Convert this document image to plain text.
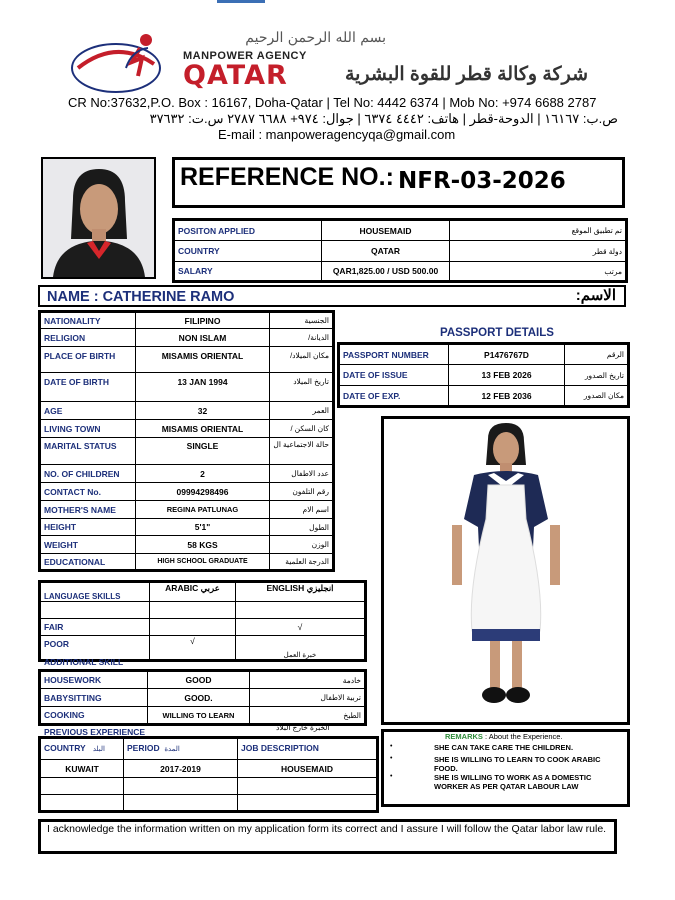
بسم الله الرحمن الرحيم
MANPOWER AGENCY
QATAR	شركة وكالة قطر للقوة البشرية
CR No:37632,P.O. Box : 16167, Doha-Qatar | Tel No: 4442 6374 | Mob No: +974 6688 2787
ص.ب: ١٦١٦٧ | الدوحة-قطر | هاتف: ٤٤٤٢ ٦٣٧٤ | جوال: ٩٧٤+ ٦٦٨٨ ٢٧٨٧ س.ت: ٣٧٦٣٢
E-mail : manpoweragencyqa@gmail.com
REFERENCE NO.: NFR-03-2026
POSITON APPLIED	HOUSEMAID	تم تطبيق الموقع
COUNTRY	QATAR	دولة قطر
SALARY	QAR1,825.00 / USD 500.00	مرتب
NAME : CATHERINE RAMO	الاسم:
NATIONALITY	FILIPINO	الجنسية
RELIGION	NON ISLAM	الديانة/
PLACE OF BIRTH	MISAMIS ORIENTAL	مكان الميلاد/
DATE OF BIRTH	13 JAN 1994	تاريخ الميلاد
AGE	32	العمر
LIVING TOWN	MISAMIS ORIENTAL	كان السكن /
MARITAL STATUS	SINGLE	حالة الاجتماعية ال
NO. OF CHILDREN	2	عدد الاطفال
CONTACT No.	09994298496	رقم التلفون
MOTHER'S NAME	REGINA PATLUNAG	اسم الام
HEIGHT	5'1"	الطول
WEIGHT	58 KGS	الوزن
EDUCATIONAL	HIGH SCHOOL GRADUATE	الدرجة العلمية
PASSPORT DETAILS
PASSPORT NUMBER	P1476767D	الرقم
DATE OF ISSUE	13 FEB 2026	تاريخ الصدور
DATE OF EXP.	12 FEB 2036	مكان الصدور
LANGUAGE SKILLS	ARABIC عربي	ENGLISH انجليزي

FAIR		√
POOR	√	خبرة العمل
ADDITIONAL SKILL
HOUSEWORK	GOOD	خادمة
BABYSITTING	GOOD.	تربية الاطفال
COOKING	WILLING TO LEARN	الطبخ
PREVIOUS EXPERIENCE	الخبرة خارج البلاد
COUNTRY البلد	PERIOD المدة	JOB DESCRIPTION
KUWAIT	2017-2019	HOUSEMAID

REMARKS : About the Experience.
•	SHE CAN TAKE CARE THE CHILDREN.
•	SHE IS WILLING TO LEARN TO COOK ARABIC FOOD.
•	SHE IS WILLING TO WORK AS A DOMESTIC WORKER AS PER QATAR LABOUR LAW
I acknowledge the information written on my application form its correct and I assure I will follow the Qatar labor law rule.
